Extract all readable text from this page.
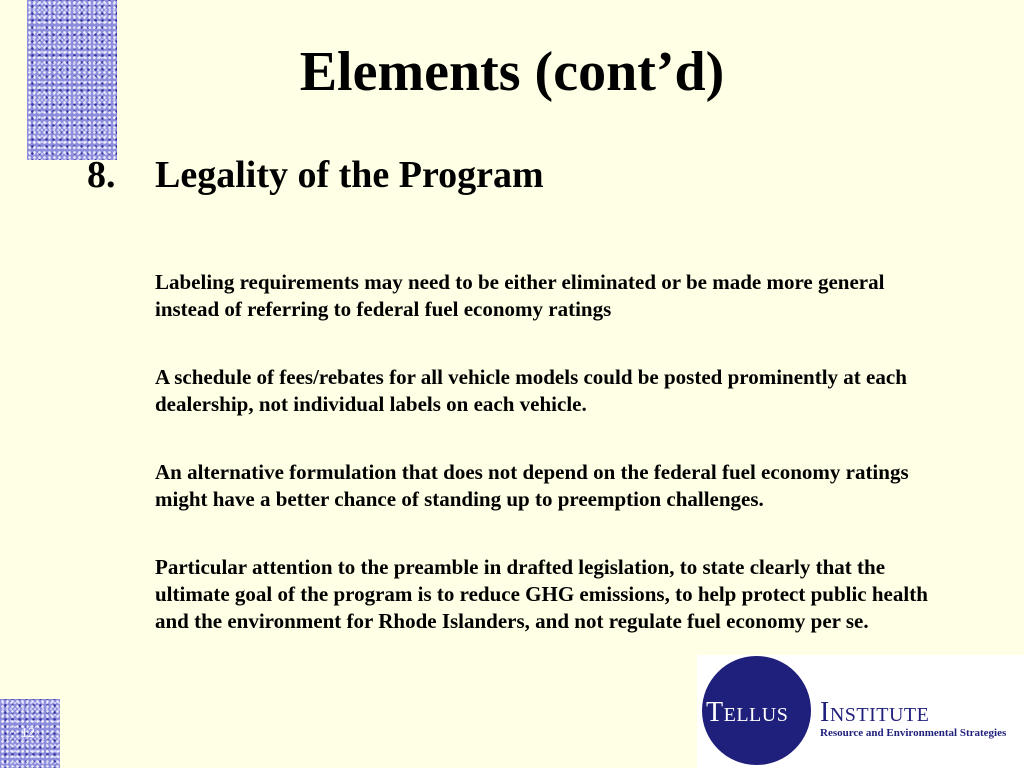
Elements (cont’d)
8. Legality of the Program

Labeling requirements may need to be either eliminated or be made more general instead of referring to federal fuel economy ratings

A schedule of fees/rebates for all vehicle models could be posted prominently at each dealership, not individual labels on each vehicle.

An alternative formulation that does not depend on the federal fuel economy ratings might have a better chance of standing up to preemption challenges.

Particular attention to the preamble in drafted legislation, to state clearly that the ultimate goal of the program is to reduce GHG emissions, to help protect public health and the environment for Rhode Islanders, and not regulate fuel economy per se.

12
Tellus Institute
Resource and Environmental Strategies
